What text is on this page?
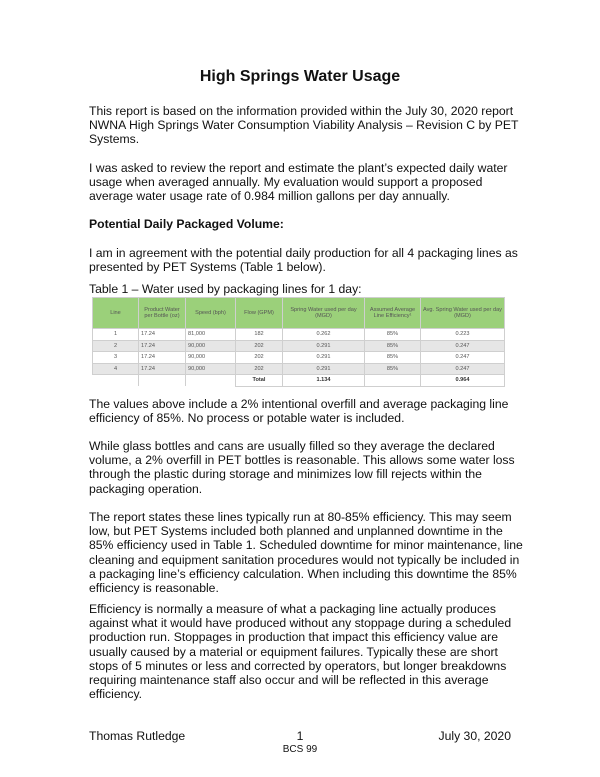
High Springs Water Usage

This report is based on the information provided within the July 30, 2020 report NWNA High Springs Water Consumption Viability Analysis – Revision C by PET Systems.

I was asked to review the report and estimate the plant’s expected daily water usage when averaged annually. My evaluation would support a proposed average water usage rate of 0.984 million gallons per day annually.

Potential Daily Packaged Volume:

I am in agreement with the potential daily production for all 4 packaging lines as presented by PET Systems (Table 1 below).

Table 1 – Water used by packaging lines for 1 day:

Line	Product Water per Bottle (oz)	Speed (bph)	Flow (GPM)	Spring Water used per day (MGD)	Assumed Average Line Efficiency¹	Avg. Spring Water used per day (MGD)
1	17.24	81,000	182	0.262	85%	0.223
2	17.24	90,000	202	0.291	85%	0.247
3	17.24	90,000	202	0.291	85%	0.247
4	17.24	90,000	202	0.291	85%	0.247
			Total	1.134		0.964

The values above include a 2% intentional overfill and average packaging line efficiency of 85%. No process or potable water is included.

While glass bottles and cans are usually filled so they average the declared volume, a 2% overfill in PET bottles is reasonable. This allows some water loss through the plastic during storage and minimizes low fill rejects within the packaging operation.

The report states these lines typically run at 80-85% efficiency. This may seem low, but PET Systems included both planned and unplanned downtime in the 85% efficiency used in Table 1. Scheduled downtime for minor maintenance, line cleaning and equipment sanitation procedures would not typically be included in a packaging line’s efficiency calculation. When including this downtime the 85% efficiency is reasonable.

Efficiency is normally a measure of what a packaging line actually produces against what it would have produced without any stoppage during a scheduled production run. Stoppages in production that impact this efficiency value are usually caused by a material or equipment failures. Typically these are short stops of 5 minutes or less and corrected by operators, but longer breakdowns requiring maintenance staff also occur and will be reflected in this average efficiency.

Thomas Rutledge	1	July 30, 2020
BCS 99
